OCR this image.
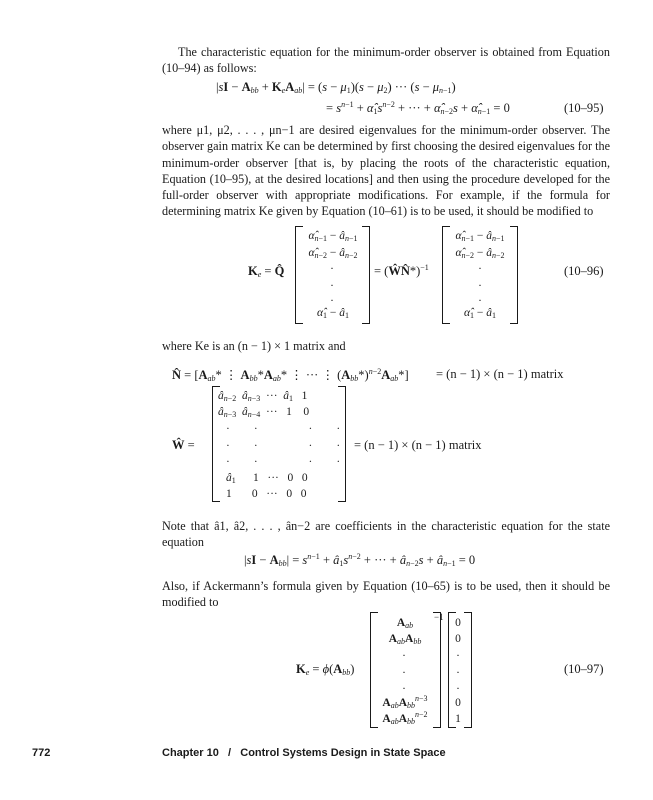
The characteristic equation for the minimum-order observer is obtained from Equation (10–94) as follows:

$|sI - A_{bb} + K_eA_{ab}| = (s - \mu_1)(s - \mu_2)$ ··· $(s - \mu_{n-1})$
= $s^{n-1}$ + $\alphâ_1s^{n-2}$ + ··· + $\alphâ_{n-2}s$ + $\alphâ_{n-1} = 0$	(10–95)

where μ1, μ2, . . . , μn−1 are desired eigenvalues for the minimum-order observer. The observer gain matrix Ke can be determined by first choosing the desired eigenvalues for the minimum-order observer [that is, by placing the roots of the characteristic equation, Equation (10–95), at the desired locations] and then using the procedure developed for the full-order observer with appropriate modifications. For example, if the formula for determining matrix Ke given by Equation (10–61) is to be used, it should be modified to

$K_e$ = Q̂
$\alphâ_{n-1}$ − $â_{n-1}$
$\alphâ_{n-2}$ − $â_{n-2}$
·
·
·
$\alphâ_1$ − $â_1$
= (ŴN̂*)$^{-1}$
$\alphâ_{n-1}$ − $â_{n-1}$
$\alphâ_{n-2}$ − $â_{n-2}$
·
·
·
$\alphâ_1$ − $â_1$
(10–96)

where Ke is an (n − 1) × 1 matrix and

N̂ = [$A_{ab}*$ ⋮ $A_{bb}*A_{ab}*$ ⋮ ··· ⋮ $(A_{bb}*)^{n-2}A_{ab}*] = (n - 1) \times (n - 1)$ matrix
Ŵ =
$â_{n-2}$ $â_{n-3}$  ···  $â_1$   1
$â_{n-3}$ $â_{n-4}$  ···   1    0
·· ··
·· ··
·· ··
$â_1$      1   ···   0   0
1       0   ···   0   0
= (n − 1) × (n − 1) matrix

Note that â1, â2, . . . , ân−2 are coefficients in the characteristic equation for the state equation

$|sI - A_{bb}| = s^{n-1}$ + $â_1s^{n-2}$ + ··· + $â_{n-2}s$ + $â_{n-1} = 0$

Also, if Ackermann’s formula given by Equation (10–65) is to be used, then it should be modified to

$K_e = \phi(A_{bb})$
$A_{ab}$
$A_{ab}A_{bb}$
·
·
·
$A_{ab}A_{bb}^{n-3}$
$A_{ab}A_{bb}^{n-2}$
−1	0
0
·
·
·
0
1
(10–97)
772	Chapter 10   /   Control Systems Design in State Space
